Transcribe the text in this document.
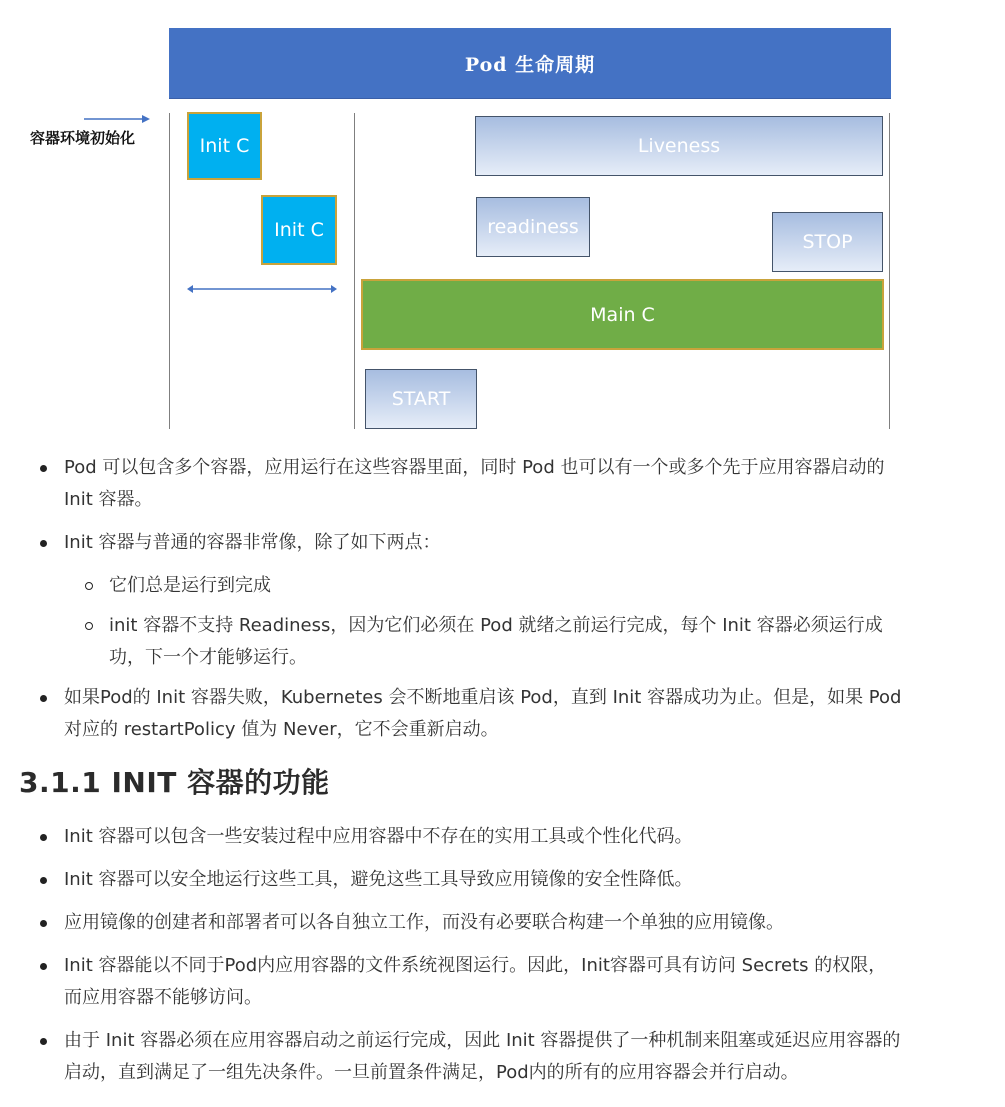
Pod 生命周期
容器环境初始化	Init C
Init C
Liveness
readiness
STOP
Main C
START
Pod 可以包含多个容器，应用运行在这些容器里面，同时 Pod 也可以有一个或多个先于应用容器启动的 Init 容器。
Init 容器与普通的容器非常像，除了如下两点：
它们总是运行到完成
init 容器不支持 Readiness，因为它们必须在 Pod 就绪之前运行完成，每个 Init 容器必须运行成功，下一个才能够运行。
如果Pod的 Init 容器失败，Kubernetes 会不断地重启该 Pod，直到 Init 容器成功为止。但是，如果 Pod 对应的 restartPolicy 值为 Never，它不会重新启动。
3.1.1 INIT 容器的功能
Init 容器可以包含一些安装过程中应用容器中不存在的实用工具或个性化代码。
Init 容器可以安全地运行这些工具，避免这些工具导致应用镜像的安全性降低。
应用镜像的创建者和部署者可以各自独立工作，而没有必要联合构建一个单独的应用镜像。
Init 容器能以不同于Pod内应用容器的文件系统视图运行。因此，Init容器可具有访问 Secrets 的权限，而应用容器不能够访问。
由于 Init 容器必须在应用容器启动之前运行完成，因此 Init 容器提供了一种机制来阻塞或延迟应用容器的启动，直到满足了一组先决条件。一旦前置条件满足，Pod内的所有的应用容器会并行启动。
